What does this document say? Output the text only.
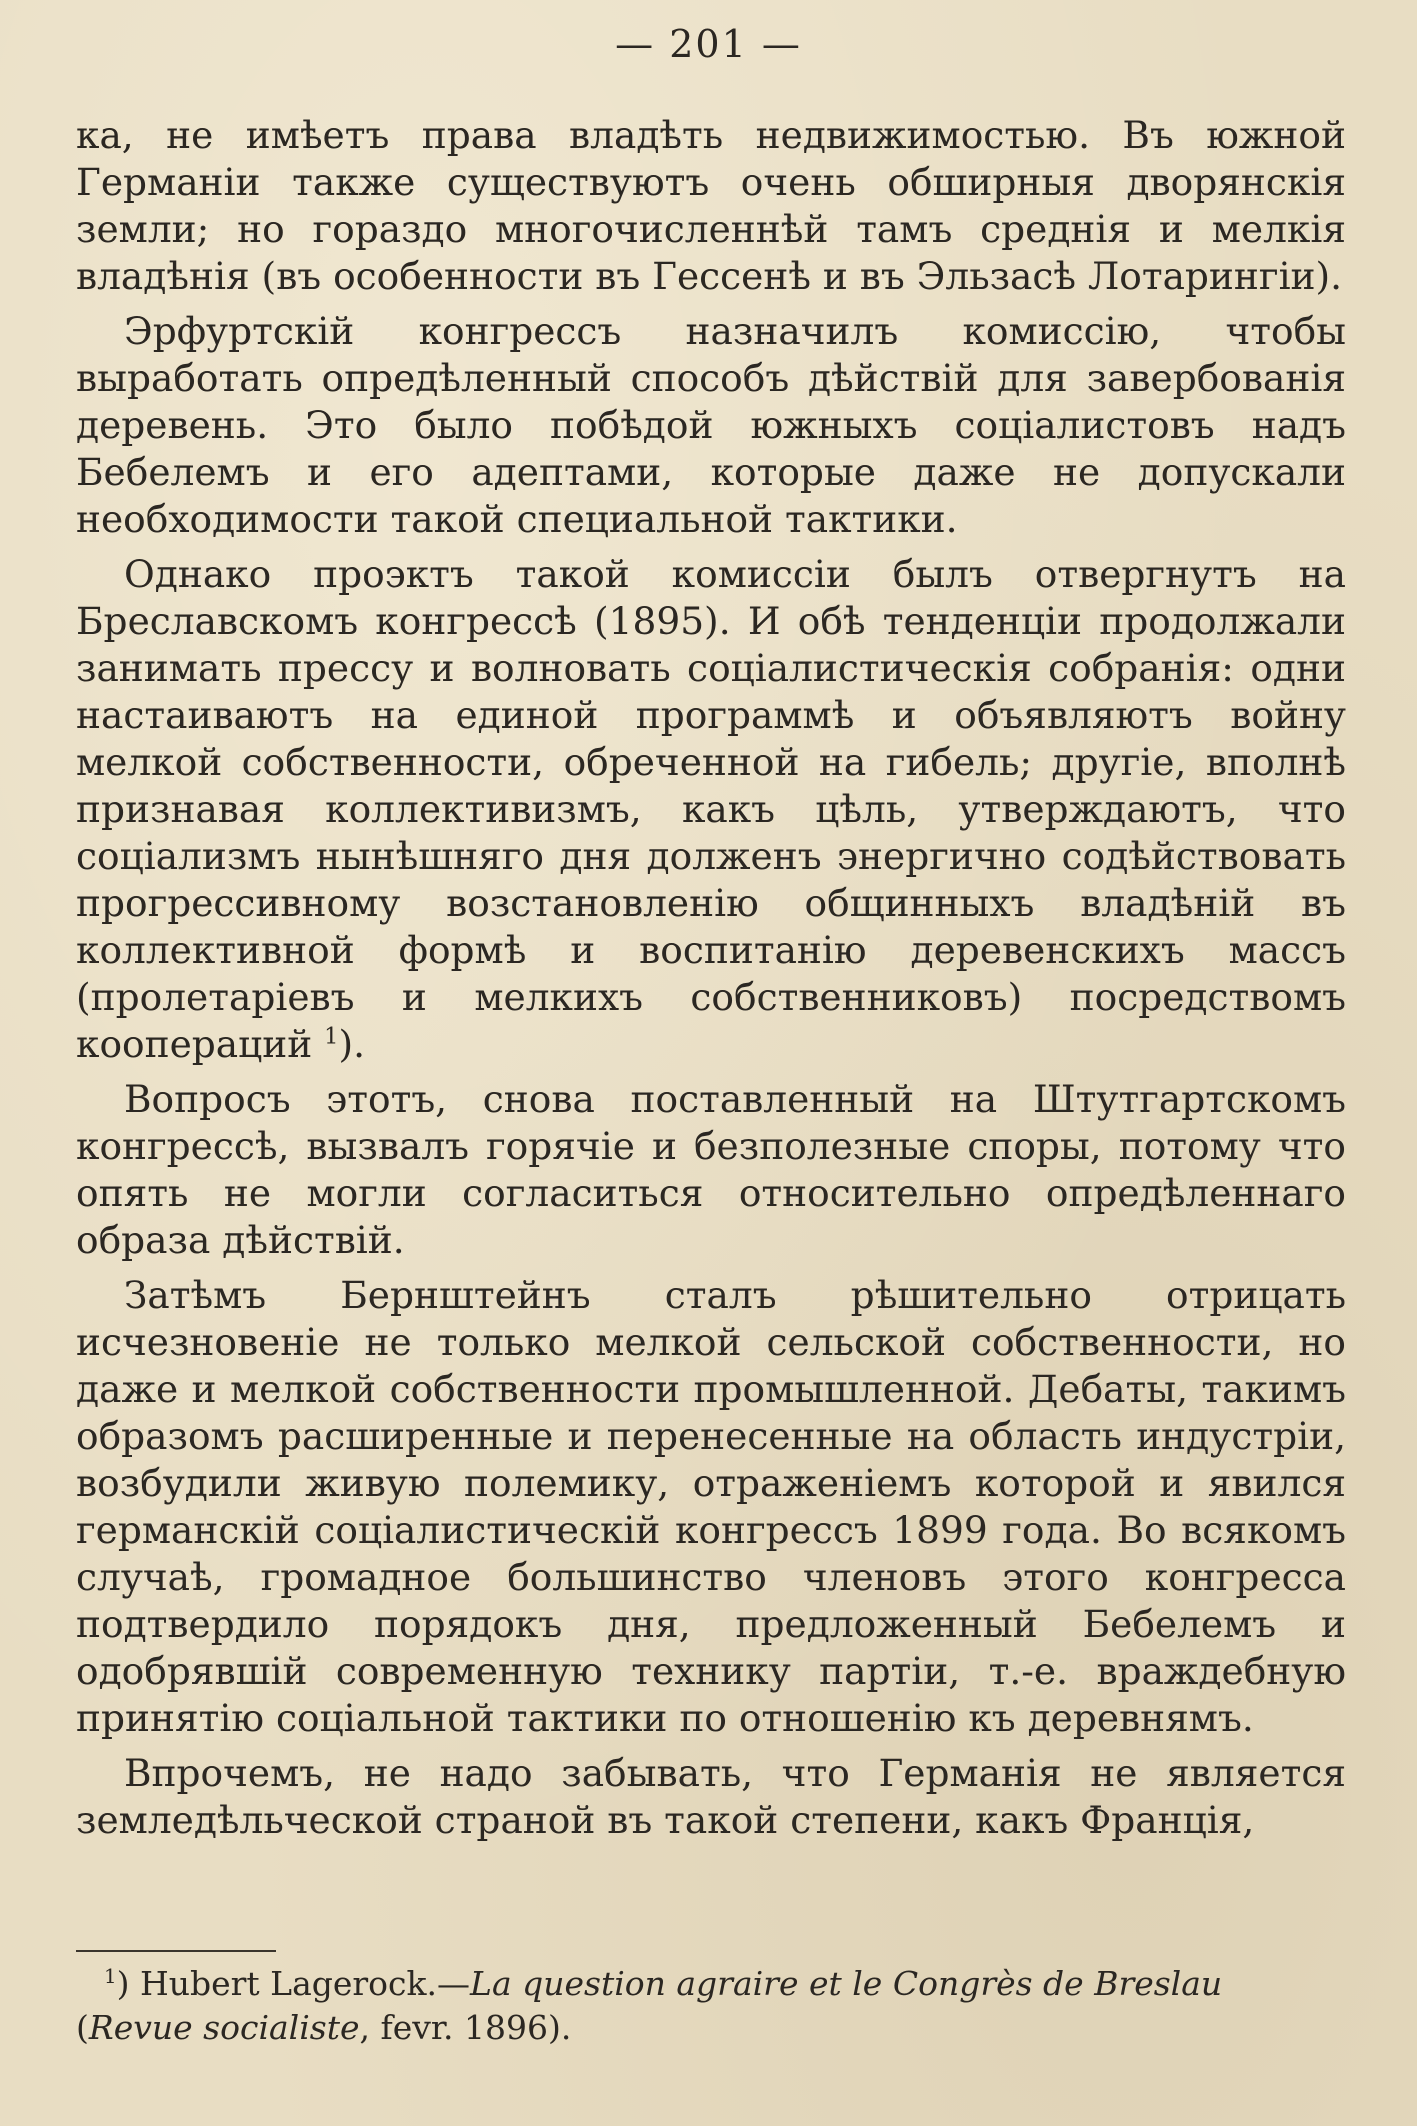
— 201 —

ка, не имѣетъ права владѣть недвижимостью. Въ южной Германіи также существуютъ очень обширныя дворянскія земли; но гораздо многочисленнѣй тамъ среднія и мелкія владѣнія (въ особенности въ Гессенѣ и въ Эльзасѣ Лотарингіи).

Эрфуртскій конгрессъ назначилъ комиссію, чтобы выработать опредѣленный способъ дѣйствій для завербованія деревень. Это было побѣдой южныхъ соціалистовъ надъ Бебелемъ и его адептами, которые даже не допускали необходимости такой специальной тактики.

Однако проэктъ такой комиссіи былъ отвергнутъ на Бреславскомъ конгрессѣ (1895). И обѣ тенденціи продолжали занимать прессу и волновать соціалистическія собранія: одни настаиваютъ на единой программѣ и объявляютъ войну мелкой собственности, обреченной на гибель; другіе, вполнѣ признавая коллективизмъ, какъ цѣль, утверждаютъ, что соціализмъ нынѣшняго дня долженъ энергично содѣйствовать прогрессивному возстановленію общинныхъ владѣній въ коллективной формѣ и воспитанію деревенскихъ массъ (пролетаріевъ и мелкихъ собственниковъ) посредствомъ коопераций $^1$).

Вопросъ этотъ, снова поставленный на Штутгартскомъ конгрессѣ, вызвалъ горячіе и безполезные споры, потому что опять не могли согласиться относительно опредѣленнаго образа дѣйствій.

Затѣмъ Бернштейнъ сталъ рѣшительно отрицать исчезновеніе не только мелкой сельской собственности, но даже и мелкой собственности промышленной. Дебаты, такимъ образомъ расширенные и перенесенные на область индустріи, возбудили живую полемику, отраженіемъ которой и явился германскій соціалистическій конгрессъ 1899 года. Во всякомъ случаѣ, громадное большинство членовъ этого конгресса подтвердило порядокъ дня, предложенный Бебелемъ и одобрявшій современную технику партіи, т.-е. враждебную принятію соціальной тактики по отношенію къ деревнямъ.

Впрочемъ, не надо забывать, что Германія не является земледѣльческой страной въ такой степени, какъ Франція,

$^1$) Hubert Lagerock.—La question agraire et le Congrès de Breslau
(Revue socialiste, fevr. 1896).
